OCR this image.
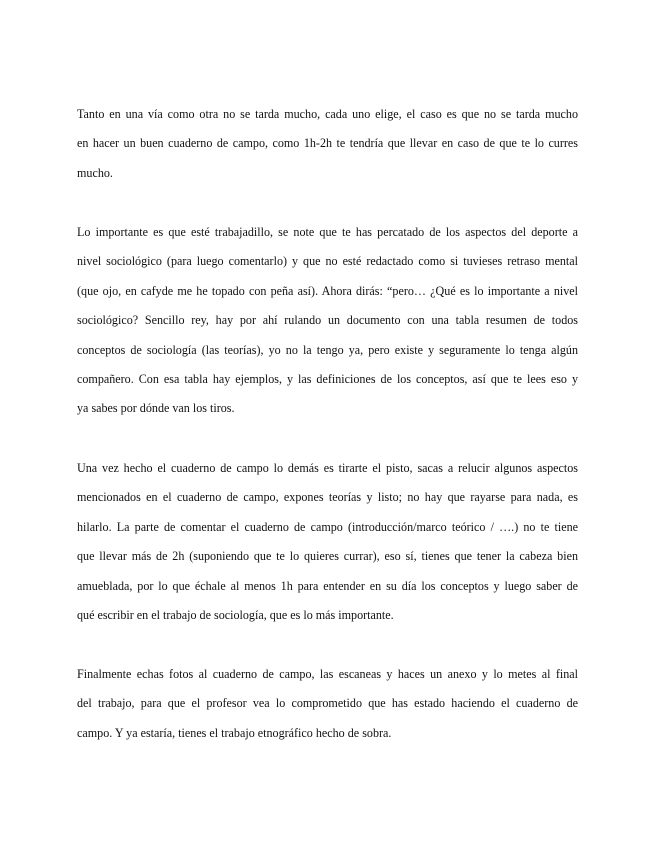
Tanto en una vía como otra no se tarda mucho, cada uno elige, el caso es que no se tarda mucho
en hacer un buen cuaderno de campo, como 1h-2h te tendría que llevar en caso de que te lo curres
mucho.
Lo importante es que esté trabajadillo, se note que te has percatado de los aspectos del deporte a
nivel sociológico (para luego comentarlo) y que no esté redactado como si tuvieses retraso mental
(que ojo, en cafyde me he topado con peña así). Ahora dirás: “pero… ¿Qué es lo importante a nivel
sociológico? Sencillo rey, hay por ahí rulando un documento con una tabla resumen de todos
conceptos de sociología (las teorías), yo no la tengo ya, pero existe y seguramente lo tenga algún
compañero. Con esa tabla hay ejemplos, y las definiciones de los conceptos, así que te lees eso y
ya sabes por dónde van los tiros.
Una vez hecho el cuaderno de campo lo demás es tirarte el pisto, sacas a relucir algunos aspectos
mencionados en el cuaderno de campo, expones teorías y listo; no hay que rayarse para nada, es
hilarlo. La parte de comentar el cuaderno de campo (introducción/marco teórico / ….) no te tiene
que llevar más de 2h (suponiendo que te lo quieres currar), eso sí, tienes que tener la cabeza bien
amueblada, por lo que échale al menos 1h para entender en su día los conceptos y luego saber de
qué escribir en el trabajo de sociología, que es lo más importante.
Finalmente echas fotos al cuaderno de campo, las escaneas y haces un anexo y lo metes al final
del trabajo, para que el profesor vea lo comprometido que has estado haciendo el cuaderno de
campo. Y ya estaría, tienes el trabajo etnográfico hecho de sobra.
